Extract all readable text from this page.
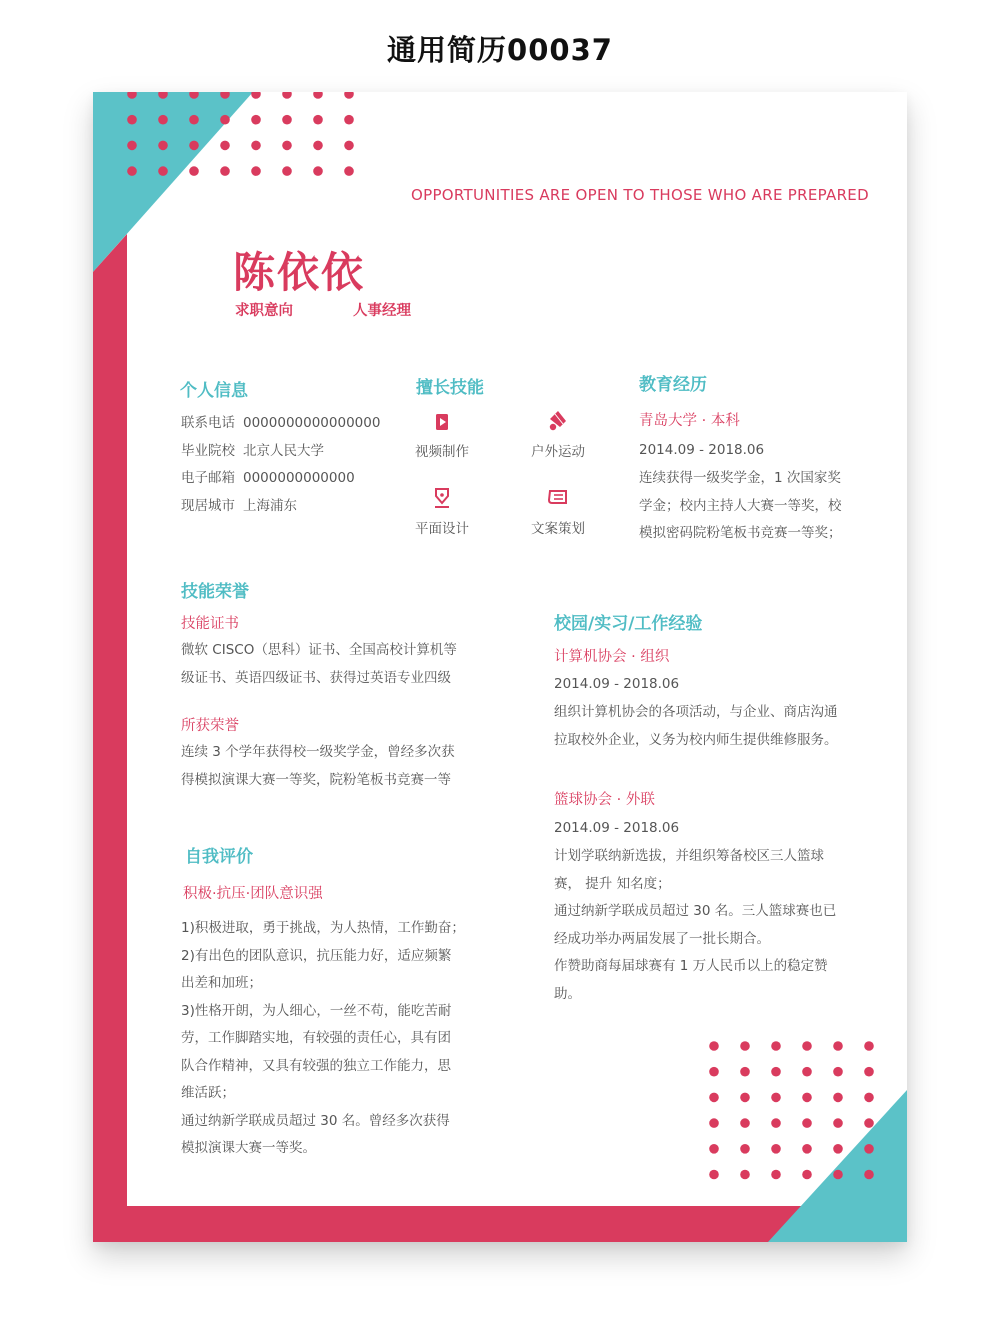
通用简历00037
OPPORTUNITIES ARE OPEN TO THOSE WHO ARE PREPARED
陈依依
求职意向	人事经理
个人信息
联系电话 0000000000000000
毕业院校 北京人民大学
电子邮箱 0000000000000
现居城市 上海浦东
擅长技能
视频制作	户外运动
平面设计	文案策划
教育经历
青岛大学 · 本科
2014.09 - 2018.06
连续获得一级奖学金，1 次国家奖
学金；校内主持人大赛一等奖，校
模拟密码院粉笔板书竞赛一等奖；
技能荣誉
技能证书
微软 CISCO（思科）证书、全国高校计算机等
级证书、英语四级证书、获得过英语专业四级
所获荣誉
连续 3 个学年获得校一级奖学金，曾经多次获
得模拟演课大赛一等奖，院粉笔板书竞赛一等
自我评价
积极·抗压·团队意识强
1)积极进取，勇于挑战，为人热情，工作勤奋；
2)有出色的团队意识，抗压能力好，适应频繁
出差和加班；
3)性格开朗，为人细心，一丝不苟，能吃苦耐
劳，工作脚踏实地，有较强的责任心，具有团
队合作精神，又具有较强的独立工作能力，思
维活跃；
通过纳新学联成员超过 30 名。曾经多次获得
模拟演课大赛一等奖。
校园/实习/工作经验
计算机协会 · 组织
2014.09 - 2018.06
组织计算机协会的各项活动，与企业、商店沟通
拉取校外企业，义务为校内师生提供维修服务。
篮球协会 · 外联
2014.09 - 2018.06
计划学联纳新选拔，并组织筹备校区三人篮球
赛， 提升 知名度；
通过纳新学联成员超过 30 名。三人篮球赛也已
经成功举办两届发展了一批长期合。
作赞助商每届球赛有 1 万人民币以上的稳定赞
助。
